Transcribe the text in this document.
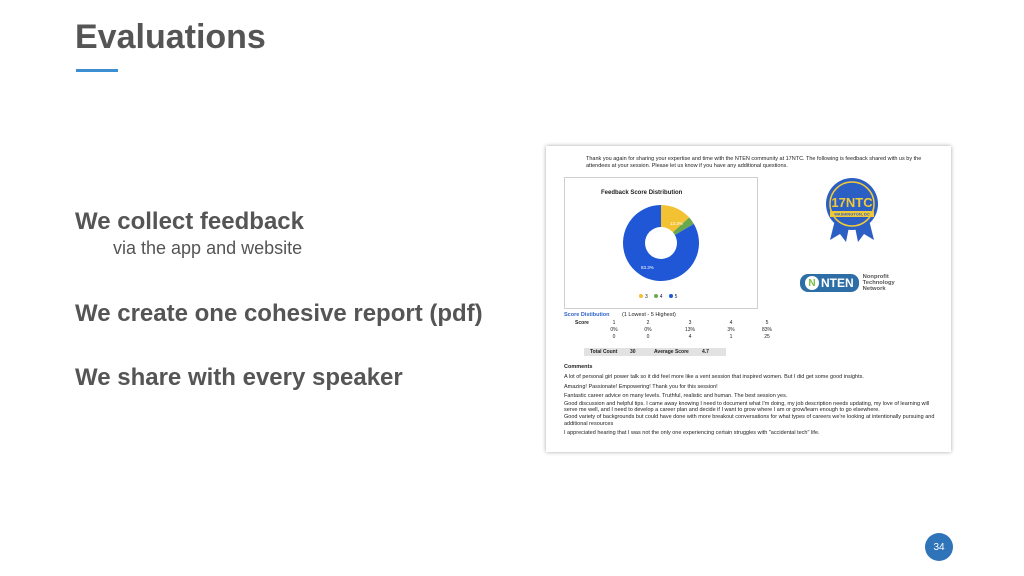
Evaluations

We collect feedback

via the app and website

We create one cohesive report (pdf)

We share with every speaker

Thank you again for sharing your expertise and time with the NTEN community at 17NTC. The following is feedback shared with us by the attendees at your session. Please let us know if you have any additional questions.
Feedback Score Distribution
13.3%
83.3%
3	4	5
17NTC
WASHINGTON, DC
N NTEN Nonprofit
Technology
Network
Score Distibution	(1 Lowest - 5 Highest)
Score	1	2	3	4	5
	0%	0%	13%	3%	83%
	0	0	4	1	25
Total Count	30	Average Score	4.7

Comments

A lot of personal girl power talk so it did feel more like a vent session that inspired women. But I did get some good insights.

Amazing! Passionate! Empowering! Thank you for this session!

Fantastic career advice on many levels. Truthful, realistic and human. The best session yes.

Good discussion and helpful tips. I came away knowing I need to document what I'm doing, my job description needs updating, my love of learning will serve me well, and I need to develop a career plan and decide if I want to grow where I am or grow/learn enough to go elsewhere.

Good variety of backgrounds but could have done with more breakout conversations for what types of careers we're looking at intentionally pursuing and additional resources

I appreciated hearing that I was not the only one experiencing certain struggles with "accidental tech" life.

34
